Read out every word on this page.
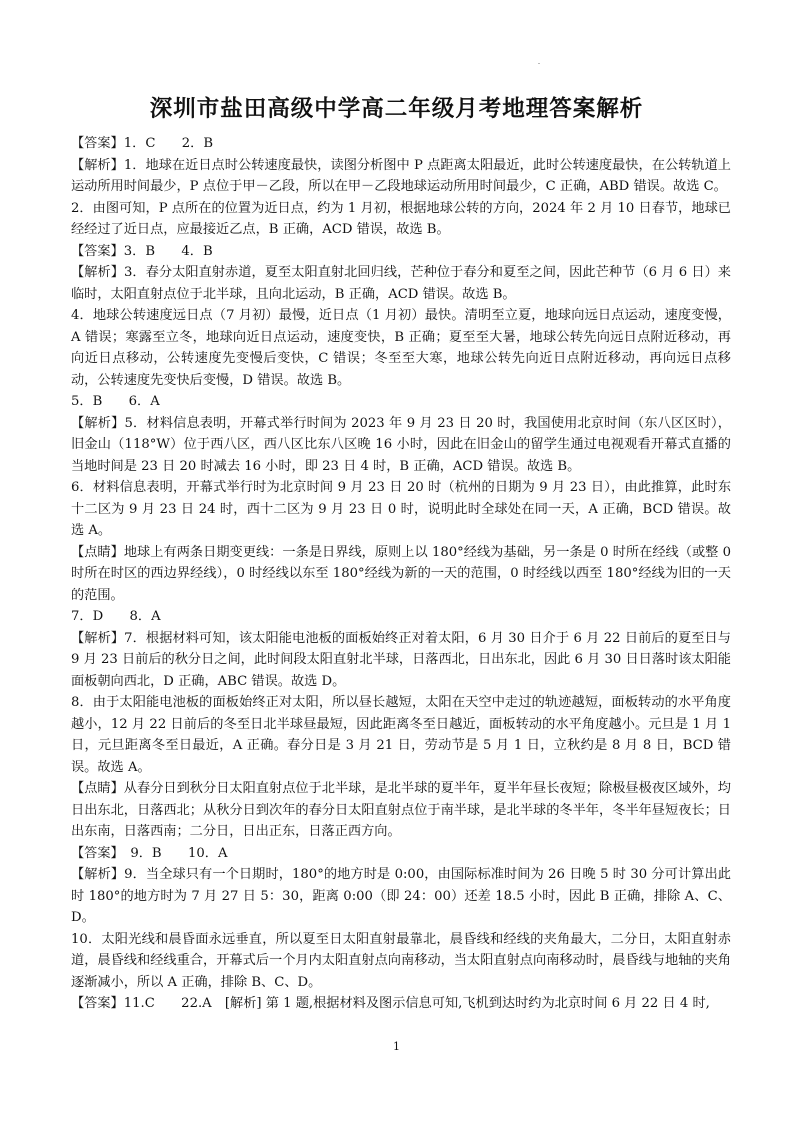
深圳市盐田高级中学高二年级月考地理答案解析

【答案】1．C　　2．B

【解析】1．地球在近日点时公转速度最快，读图分析图中 P 点距离太阳最近，此时公转速度最快，在公转轨道上运动所用时间最少，P 点位于甲－乙段，所以在甲－乙段地球运动所用时间最少，C 正确，ABD 错误。故选 C。

2．由图可知，P 点所在的位置为近日点，约为 1 月初，根据地球公转的方向，2024 年 2 月 10 日春节，地球已经经过了近日点，应最接近乙点，B 正确，ACD 错误，故选 B。

【答案】3．B　　4．B

【解析】3．春分太阳直射赤道，夏至太阳直射北回归线，芒种位于春分和夏至之间，因此芒种节（6 月 6 日）来临时，太阳直射点位于北半球，且向北运动，B 正确，ACD 错误。故选 B。

4．地球公转速度远日点（7 月初）最慢，近日点（1 月初）最快。清明至立夏，地球向远日点运动，速度变慢，A 错误；寒露至立冬，地球向近日点运动，速度变快，B 正确；夏至至大暑，地球公转先向远日点附近移动，再向近日点移动，公转速度先变慢后变快，C 错误；冬至至大寒，地球公转先向近日点附近移动，再向远日点移动，公转速度先变快后变慢，D 错误。故选 B。

5．B　　6．A

【解析】5．材料信息表明，开幕式举行时间为 2023 年 9 月 23 日 20 时，我国使用北京时间（东八区区时），旧金山（118°W）位于西八区，西八区比东八区晚 16 小时，因此在旧金山的留学生通过电视观看开幕式直播的当地时间是 23 日 20 时减去 16 小时，即 23 日 4 时，B 正确，ACD 错误。故选 B。

6．材料信息表明，开幕式举行时为北京时间 9 月 23 日 20 时（杭州的日期为 9 月 23 日），由此推算，此时东十二区为 9 月 23 日 24 时，西十二区为 9 月 23 日 0 时，说明此时全球处在同一天，A 正确，BCD 错误。故选 A。

【点睛】地球上有两条日期变更线：一条是日界线，原则上以 180°经线为基础，另一条是 0 时所在经线（或整 0 时所在时区的西边界经线），0 时经线以东至 180°经线为新的一天的范围，0 时经线以西至 180°经线为旧的一天的范围。

7．D　　8．A

【解析】7．根据材料可知，该太阳能电池板的面板始终正对着太阳，6 月 30 日介于 6 月 22 日前后的夏至日与 9 月 23 日前后的秋分日之间，此时间段太阳直射北半球，日落西北，日出东北，因此 6 月 30 日日落时该太阳能面板朝向西北，D 正确，ABC 错误。故选 D。

8．由于太阳能电池板的面板始终正对太阳，所以昼长越短，太阳在天空中走过的轨迹越短，面板转动的水平角度越小，12 月 22 日前后的冬至日北半球昼最短，因此距离冬至日越近，面板转动的水平角度越小。元旦是 1 月 1 日，元旦距离冬至日最近，A 正确。春分日是 3 月 21 日，劳动节是 5 月 1 日，立秋约是 8 月 8 日，BCD 错误。故选 A。

【点睛】从春分日到秋分日太阳直射点位于北半球，是北半球的夏半年，夏半年昼长夜短；除极昼极夜区域外，均日出东北，日落西北；从秋分日到次年的春分日太阳直射点位于南半球，是北半球的冬半年，冬半年昼短夜长；日出东南，日落西南；二分日，日出正东，日落正西方向。

【答案】　9．B　　10．A

【解析】9．当全球只有一个日期时，180°的地方时是 0:00，由国际标准时间为 26 日晚 5 时 30 分可计算出此时 180°的地方时为 7 月 27 日 5：30，距离 0:00（即 24：00）还差 18.5 小时，因此 B 正确，排除 A、C、D。

10．太阳光线和晨昏面永远垂直，所以夏至日太阳直射最靠北，晨昏线和经线的夹角最大，二分日，太阳直射赤道，晨昏线和经线重合，开幕式后一个月内太阳直射点向南移动，当太阳直射点向南移动时，晨昏线与地轴的夹角逐渐减小，所以 A 正确，排除 B、C、D。

【答案】11.C　　22.A　[解析] 第 1 题,根据材料及图示信息可知,飞机到达时约为北京时间 6 月 22 日 4 时,

1
